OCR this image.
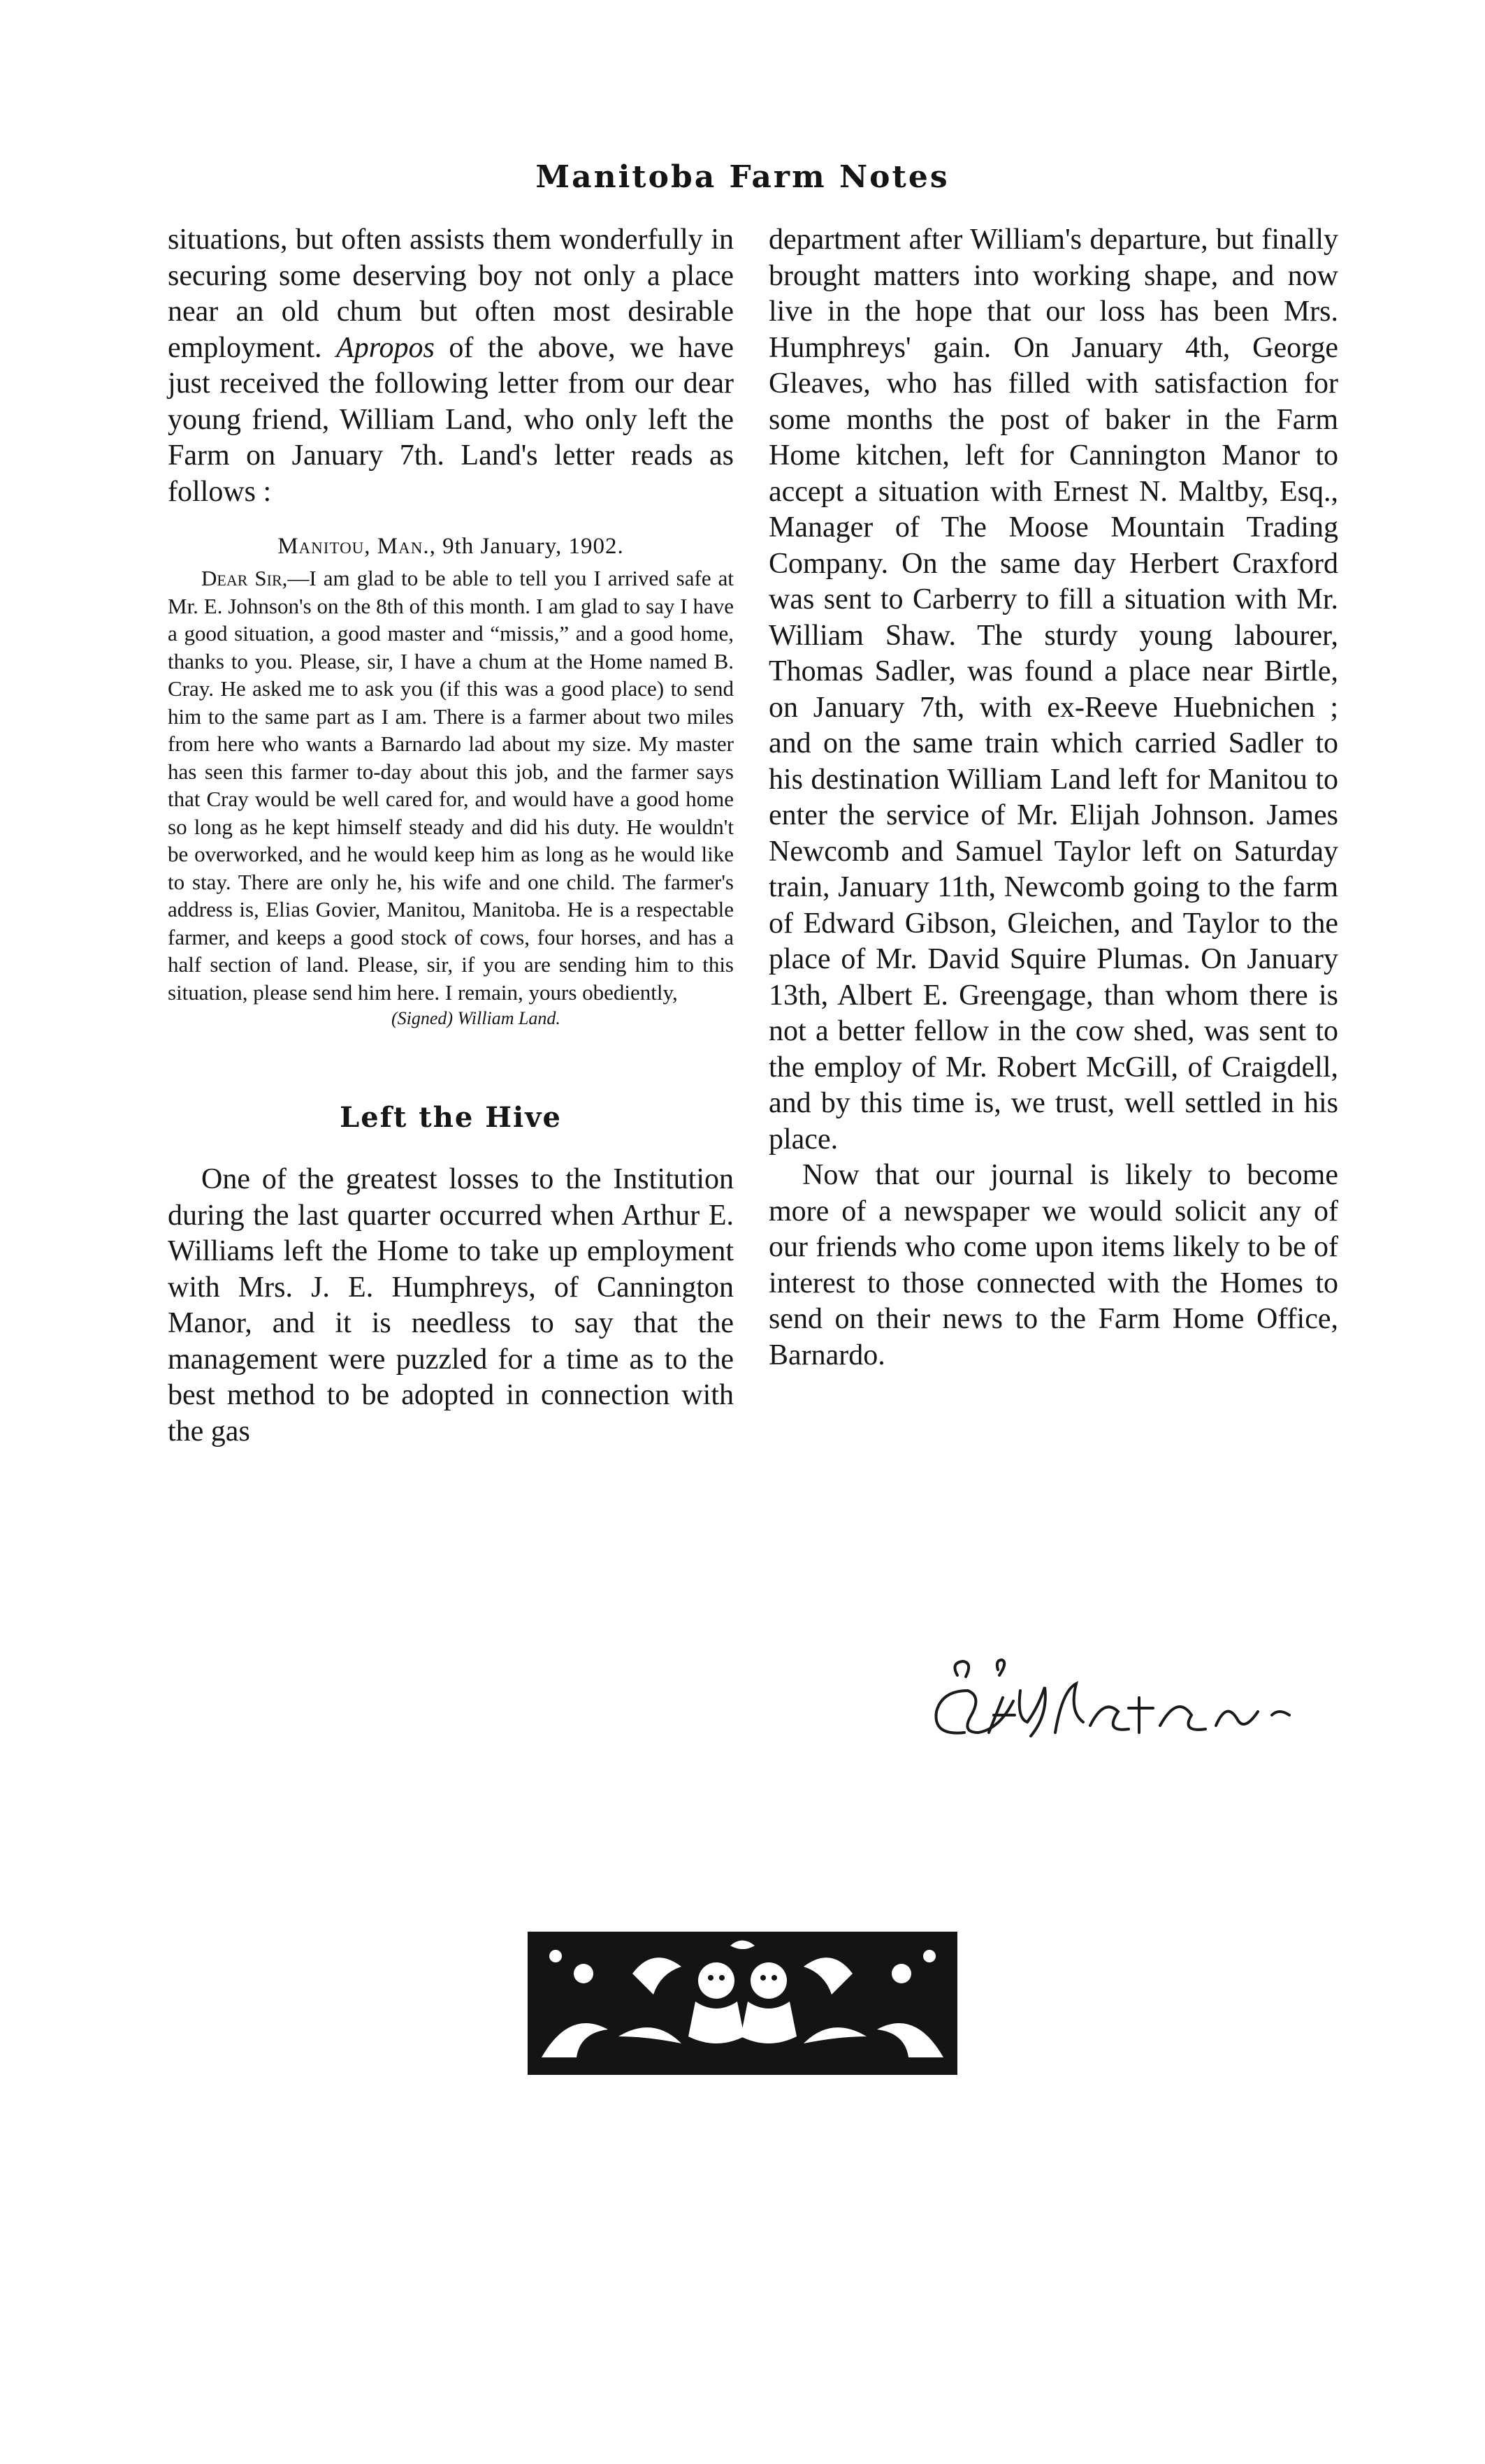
Manitoba Farm Notes

situations, but often assists them wonderfully in securing some deserving boy not only a place near an old chum but often most desirable employment. Apropos of the above, we have just received the following letter from our dear young friend, William Land, who only left the Farm on January 7th. Land's letter reads as follows :

Manitou, Man., 9th January, 1902.

Dear Sir,—I am glad to be able to tell you I arrived safe at Mr. E. Johnson's on the 8th of this month. I am glad to say I have a good situation, a good master and “missis,” and a good home, thanks to you. Please, sir, I have a chum at the Home named B. Cray. He asked me to ask you (if this was a good place) to send him to the same part as I am. There is a farmer about two miles from here who wants a Barnardo lad about my size. My master has seen this farmer to-day about this job, and the farmer says that Cray would be well cared for, and would have a good home so long as he kept himself steady and did his duty. He wouldn't be overworked, and he would keep him as long as he would like to stay. There are only he, his wife and one child. The farmer's address is, Elias Govier, Manitou, Manitoba. He is a respectable farmer, and keeps a good stock of cows, four horses, and has a half section of land. Please, sir, if you are sending him to this situation, please send him here. I remain, yours obediently,

(Signed) William Land.

Left the Hive

One of the greatest losses to the Institution during the last quarter occurred when Arthur E. Williams left the Home to take up employment with Mrs. J. E. Humphreys, of Cannington Manor, and it is needless to say that the management were puzzled for a time as to the best method to be adopted in connection with the gas

department after William's departure, but finally brought matters into working shape, and now live in the hope that our loss has been Mrs. Humphreys' gain. On January 4th, George Gleaves, who has filled with satisfaction for some months the post of baker in the Farm Home kitchen, left for Cannington Manor to accept a situation with Ernest N. Maltby, Esq., Manager of The Moose Mountain Trading Company. On the same day Herbert Craxford was sent to Carberry to fill a situation with Mr. William Shaw. The sturdy young labourer, Thomas Sadler, was found a place near Birtle, on January 7th, with ex-Reeve Huebnichen ; and on the same train which carried Sadler to his destination William Land left for Manitou to enter the service of Mr. Elijah Johnson. James Newcomb and Samuel Taylor left on Saturday train, January 11th, Newcomb going to the farm of Edward Gibson, Gleichen, and Taylor to the place of Mr. David Squire Plumas. On January 13th, Albert E. Greengage, than whom there is not a better fellow in the cow shed, was sent to the employ of Mr. Robert McGill, of Craigdell, and by this time is, we trust, well settled in his place.

Now that our journal is likely to become more of a newspaper we would solicit any of our friends who come upon items likely to be of interest to those connected with the Homes to send on their news to the Farm Home Office, Barnardo.
